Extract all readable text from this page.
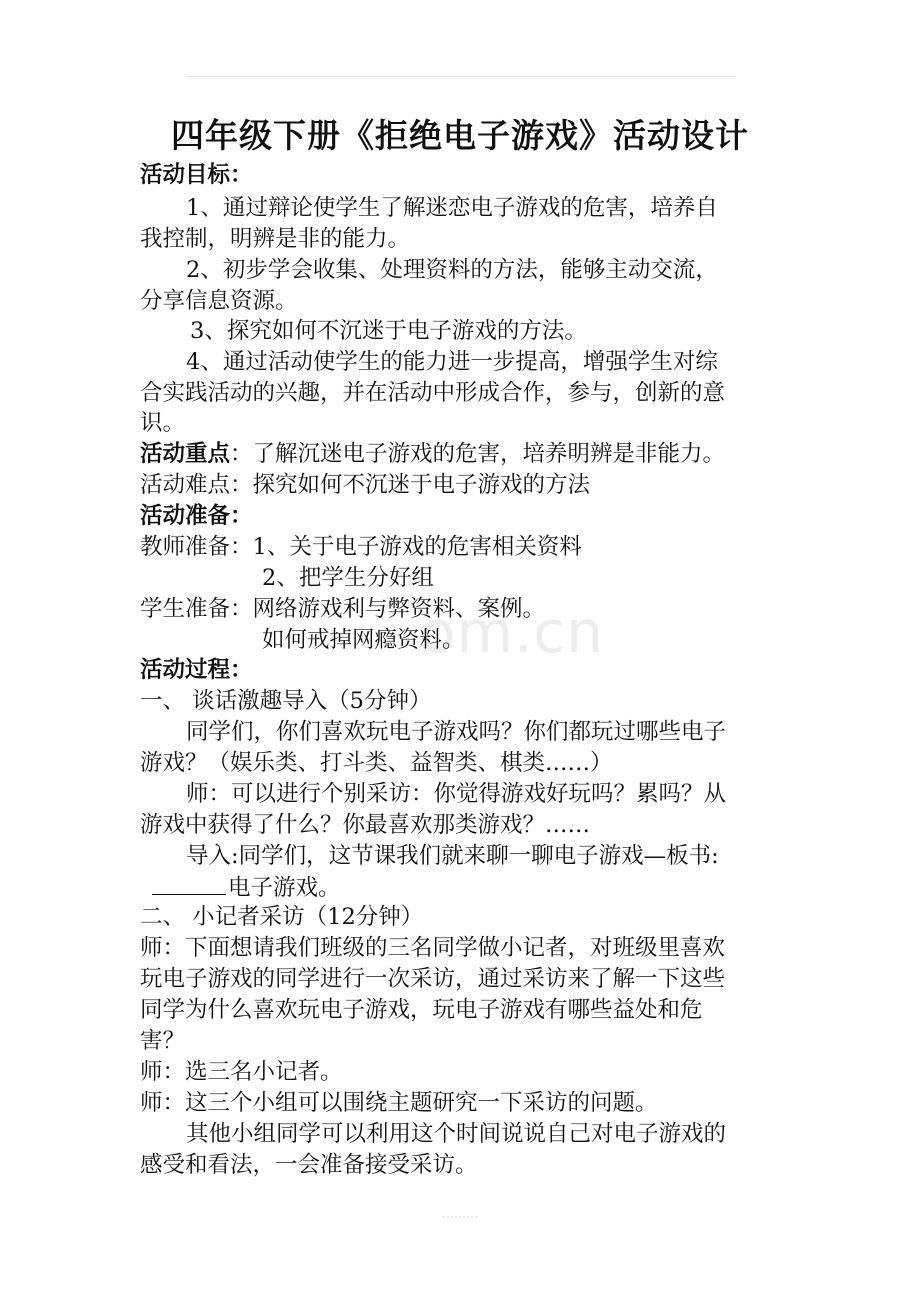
om.cn
四年级下册《拒绝电子游戏》活动设计
活动目标：
1、通过辩论使学生了解迷恋电子游戏的危害，培养自
我控制，明辨是非的能力。
2、初步学会收集、处理资料的方法，能够主动交流，
分享信息资源。
3、探究如何不沉迷于电子游戏的方法。
4、通过活动使学生的能力进一步提高，增强学生对综
合实践活动的兴趣，并在活动中形成合作，参与，创新的意
识。
活动重点：了解沉迷电子游戏的危害，培养明辨是非能力。
活动难点：探究如何不沉迷于电子游戏的方法
活动准备：
教师准备：1、关于电子游戏的危害相关资料
2、把学生分好组
学生准备：网络游戏利与弊资料、案例。
如何戒掉网瘾资料。
活动过程：
一、 谈话激趣导入（5分钟）
同学们，你们喜欢玩电子游戏吗？你们都玩过哪些电子
游戏？（娱乐类、打斗类、益智类、棋类……）
师：可以进行个别采访：你觉得游戏好玩吗？累吗？从
游戏中获得了什么？你最喜欢那类游戏？……
导入:同学们，这节课我们就来聊一聊电子游戏—板书:
电子游戏。
二、 小记者采访（12分钟）
师：下面想请我们班级的三名同学做小记者，对班级里喜欢
玩电子游戏的同学进行一次采访，通过采访来了解一下这些
同学为什么喜欢玩电子游戏，玩电子游戏有哪些益处和危
害？
师：选三名小记者。
师：这三个小组可以围绕主题研究一下采访的问题。
其他小组同学可以利用这个时间说说自己对电子游戏的
感受和看法，一会准备接受采访。
